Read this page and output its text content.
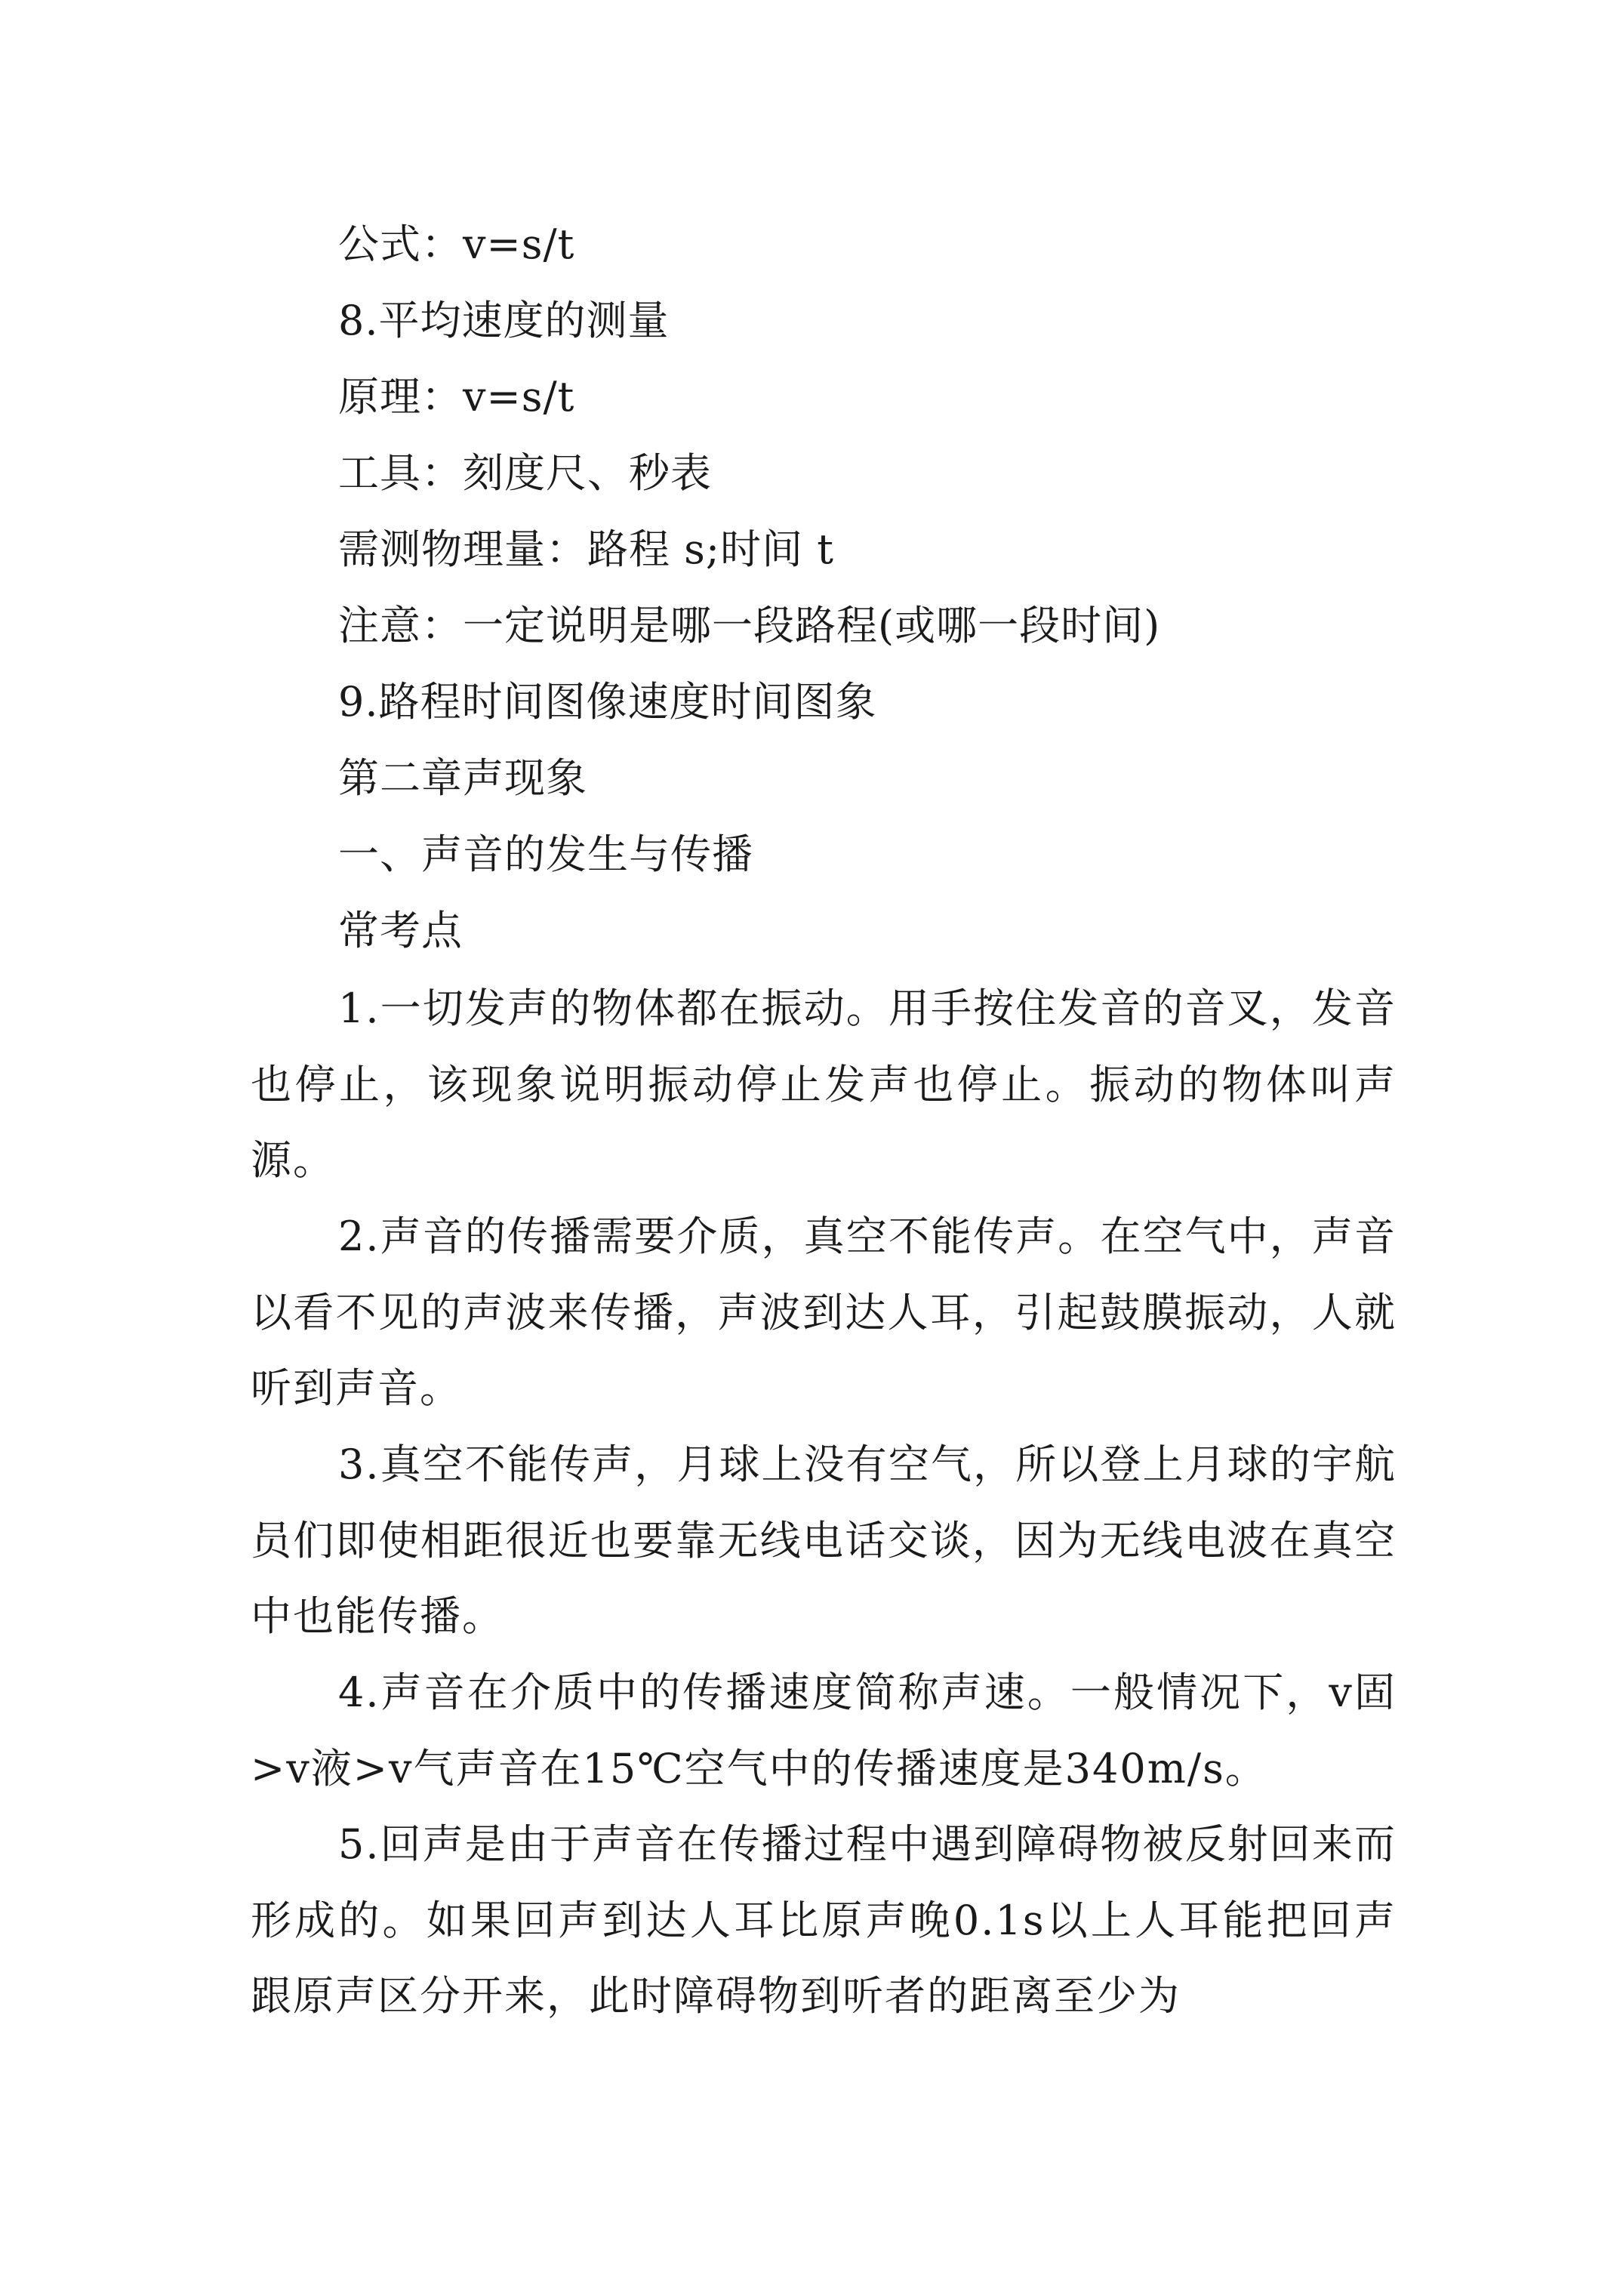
公式：v=s/t
8.平均速度的测量
原理：v=s/t
工具：刻度尺、秒表
需测物理量：路程 s;时间 t
注意：一定说明是哪一段路程(或哪一段时间)
9.路程时间图像速度时间图象
第二章声现象
一、声音的发生与传播
常考点

1.一切发声的物体都在振动。用手按住发音的音叉，发音也停止，该现象说明振动停止发声也停止。振动的物体叫声源。

2.声音的传播需要介质，真空不能传声。在空气中，声音以看不见的声波来传播，声波到达人耳，引起鼓膜振动，人就听到声音。

3.真空不能传声，月球上没有空气，所以登上月球的宇航员们即使相距很近也要靠无线电话交谈，因为无线电波在真空中也能传播。

4.声音在介质中的传播速度简称声速。一般情况下，v固>v液>v气声音在15℃空气中的传播速度是340m/s。

5.回声是由于声音在传播过程中遇到障碍物被反射回来而形成的。如果回声到达人耳比原声晚0.1s以上人耳能把回声跟原声区分开来，此时障碍物到听者的距离至少为
